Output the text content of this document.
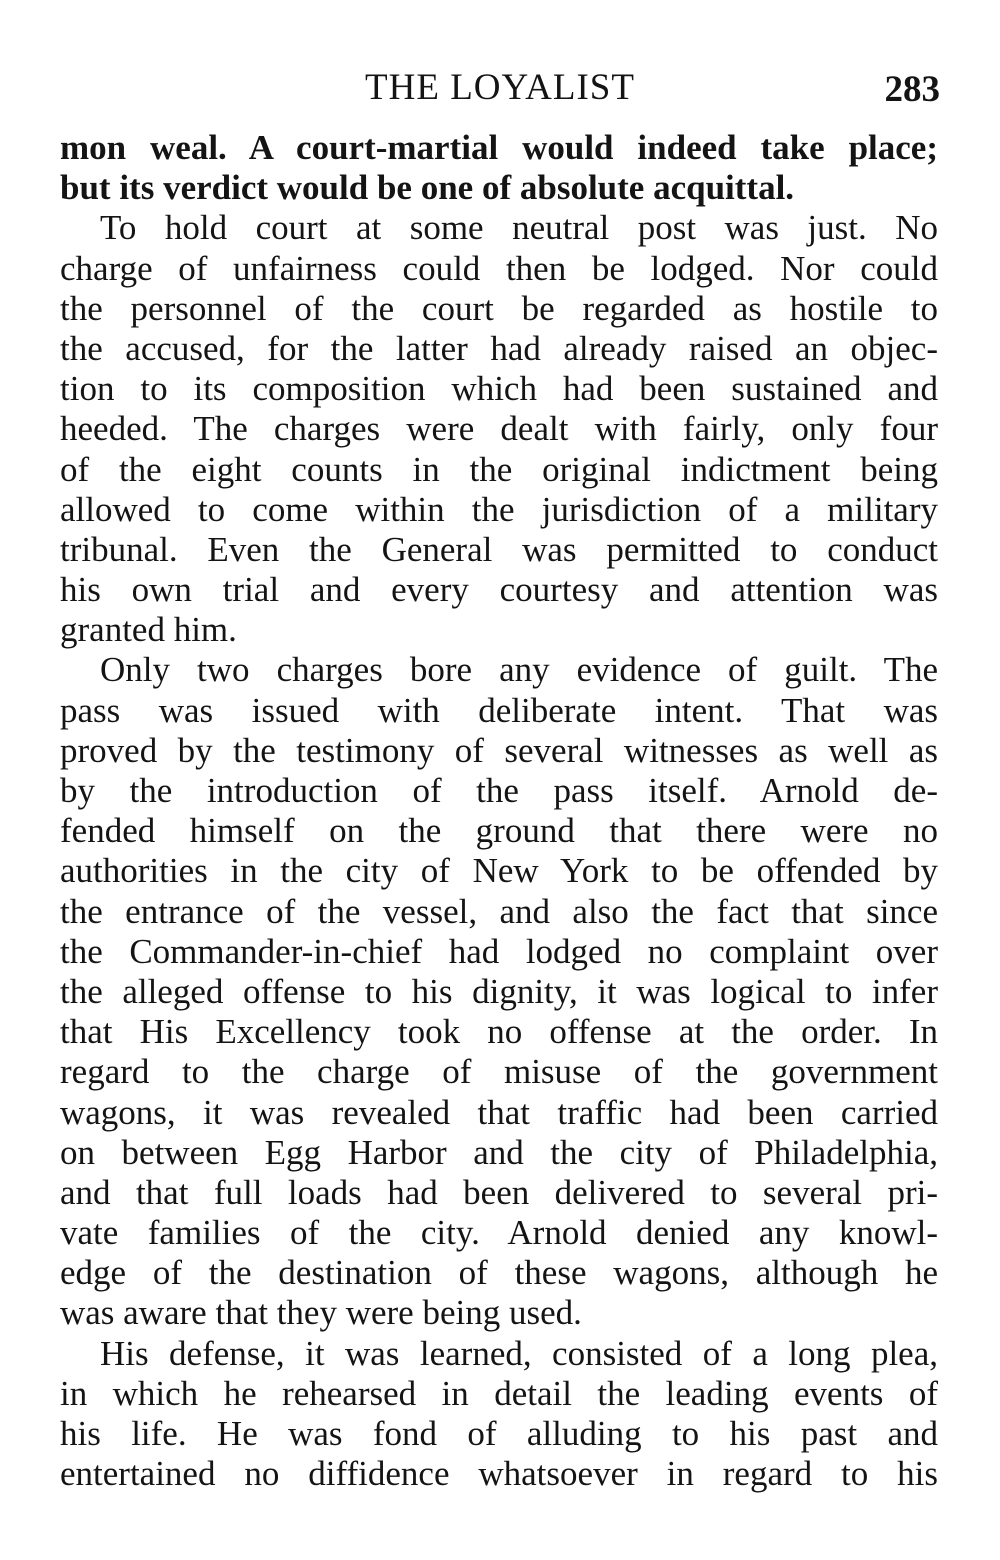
THE LOYALIST	283
mon weal. A court-martial would indeed take place;
but its verdict would be one of absolute acquittal.
To hold court at some neutral post was just. No
charge of unfairness could then be lodged. Nor could
the personnel of the court be regarded as hostile to
the accused, for the latter had already raised an objec-
tion to its composition which had been sustained and
heeded. The charges were dealt with fairly, only four
of the eight counts in the original indictment being
allowed to come within the jurisdiction of a military
tribunal. Even the General was permitted to conduct
his own trial and every courtesy and attention was
granted him.
Only two charges bore any evidence of guilt. The
pass was issued with deliberate intent. That was
proved by the testimony of several witnesses as well as
by the introduction of the pass itself. Arnold de-
fended himself on the ground that there were no
authorities in the city of New York to be offended by
the entrance of the vessel, and also the fact that since
the Commander-in-chief had lodged no complaint over
the alleged offense to his dignity, it was logical to infer
that His Excellency took no offense at the order. In
regard to the charge of misuse of the government
wagons, it was revealed that traffic had been carried
on between Egg Harbor and the city of Philadelphia,
and that full loads had been delivered to several pri-
vate families of the city. Arnold denied any knowl-
edge of the destination of these wagons, although he
was aware that they were being used.
His defense, it was learned, consisted of a long plea,
in which he rehearsed in detail the leading events of
his life. He was fond of alluding to his past and
entertained no diffidence whatsoever in regard to his
